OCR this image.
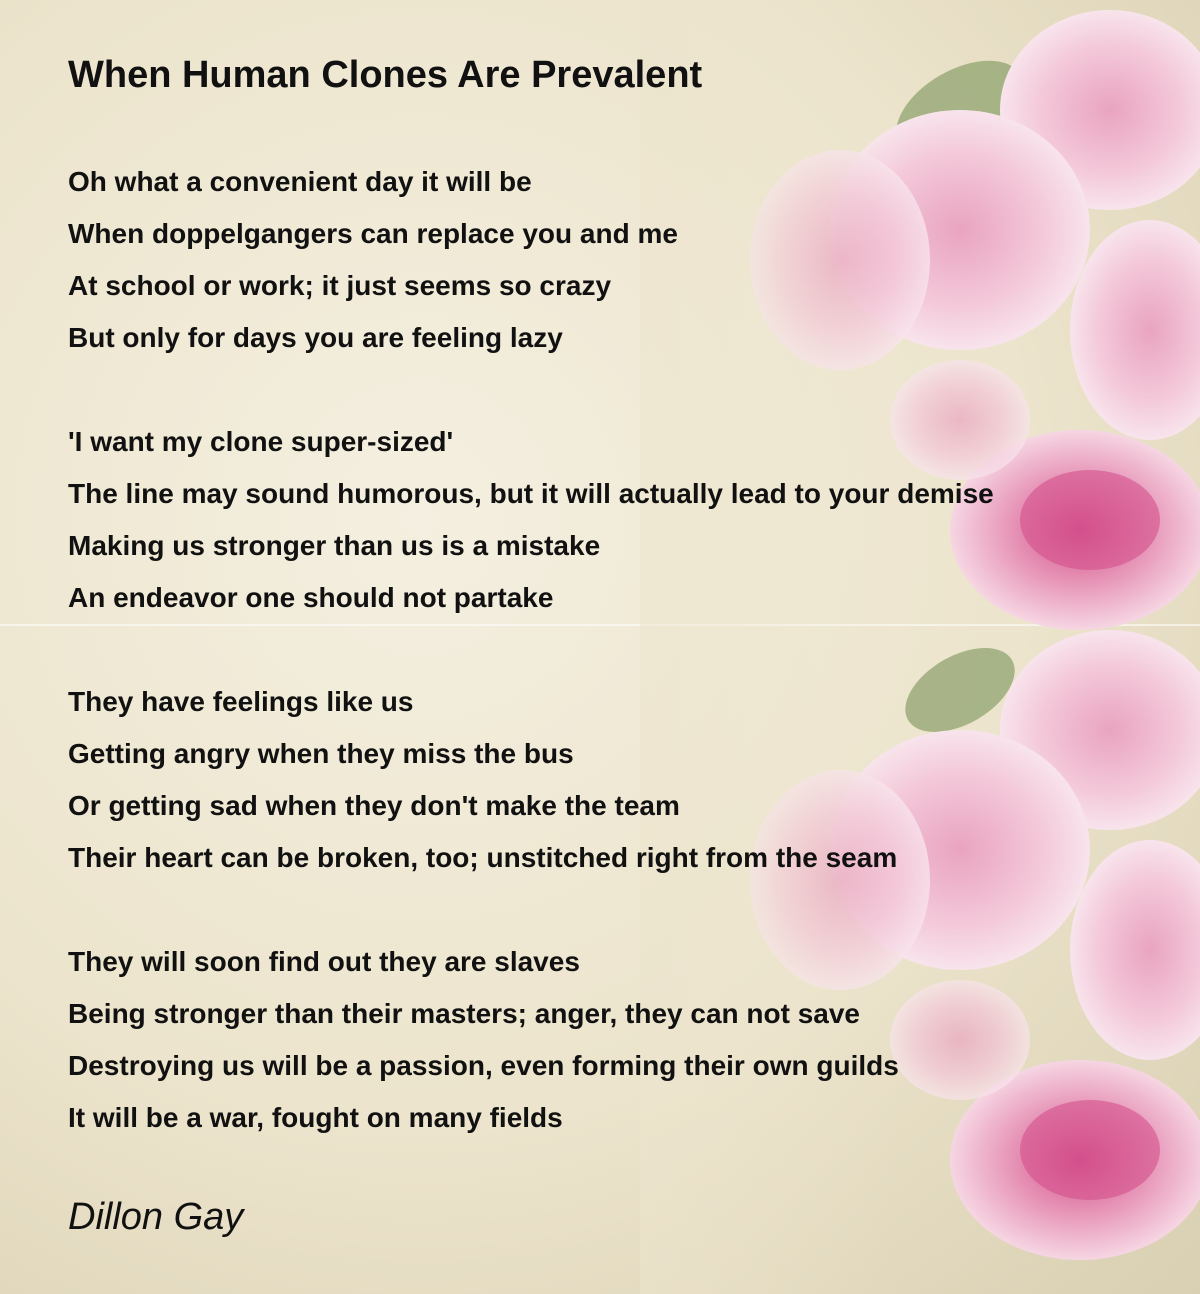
When Human Clones Are Prevalent
Oh what a convenient day it will be
When doppelgangers can replace you and me
At school or work; it just seems so crazy
But only for days you are feeling lazy
'I want my clone super-sized'
The line may sound humorous, but it will actually lead to your demise
Making us stronger than us is a mistake
An endeavor one should not partake
They have feelings like us
Getting angry when they miss the bus
Or getting sad when they don't make the team
Their heart can be broken, too; unstitched right from the seam
They will soon find out they are slaves
Being stronger than their masters; anger, they can not save
Destroying us will be a passion, even forming their own guilds
It will be a war, fought on many fields
Dillon Gay
